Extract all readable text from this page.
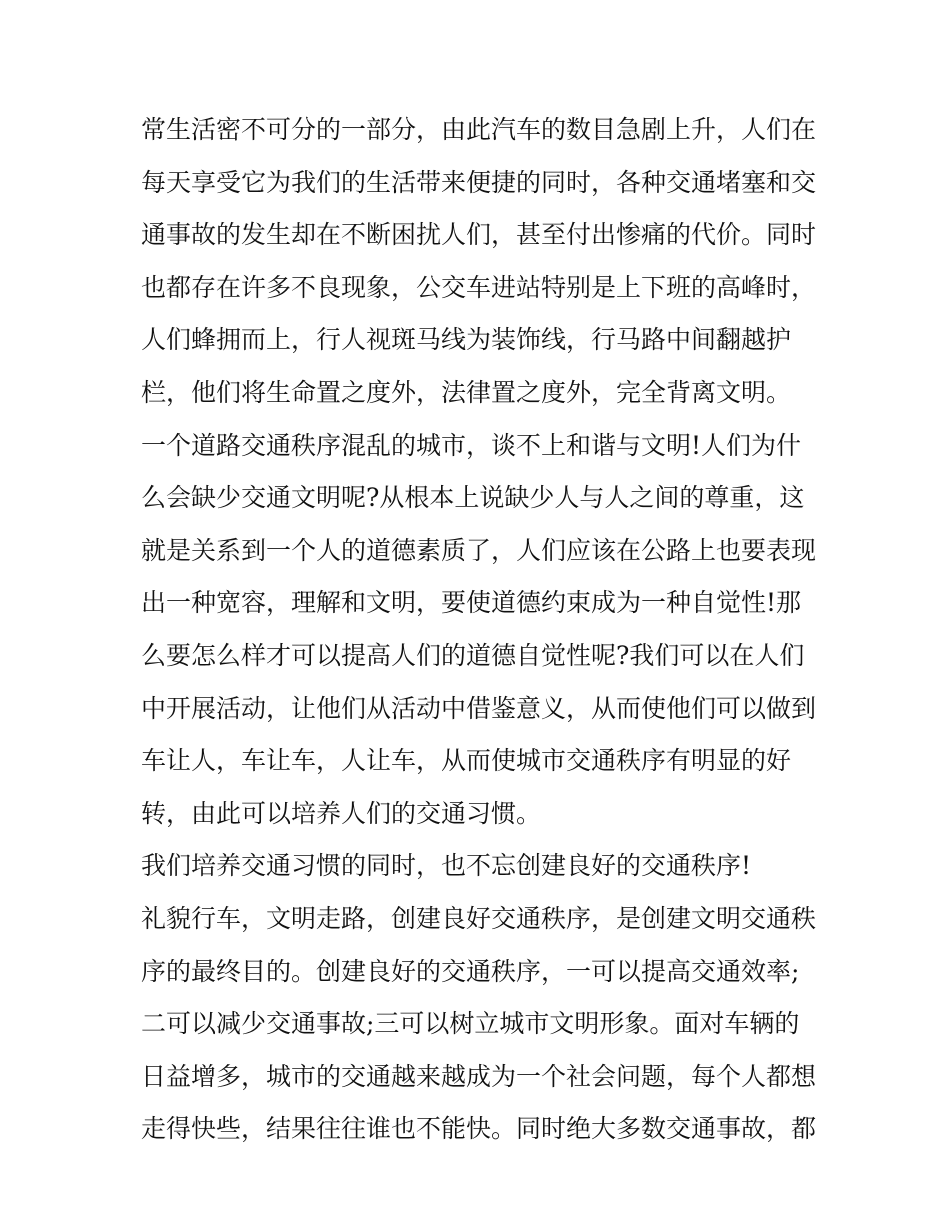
常生活密不可分的一部分，由此汽车的数目急剧上升，人们在
每天享受它为我们的生活带来便捷的同时，各种交通堵塞和交
通事故的发生却在不断困扰人们，甚至付出惨痛的代价。同时
也都存在许多不良现象，公交车进站特别是上下班的高峰时，
人们蜂拥而上，行人视斑马线为装饰线，行马路中间翻越护
栏，他们将生命置之度外，法律置之度外，完全背离文明。
一个道路交通秩序混乱的城市，谈不上和谐与文明!人们为什
么会缺少交通文明呢?从根本上说缺少人与人之间的尊重，这
就是关系到一个人的道德素质了，人们应该在公路上也要表现
出一种宽容，理解和文明，要使道德约束成为一种自觉性!那
么要怎么样才可以提高人们的道德自觉性呢?我们可以在人们
中开展活动，让他们从活动中借鉴意义，从而使他们可以做到
车让人，车让车，人让车，从而使城市交通秩序有明显的好
转，由此可以培养人们的交通习惯。
我们培养交通习惯的同时，也不忘创建良好的交通秩序!
礼貌行车，文明走路，创建良好交通秩序，是创建文明交通秩
序的最终目的。创建良好的交通秩序，一可以提高交通效率;
二可以减少交通事故;三可以树立城市文明形象。面对车辆的
日益增多，城市的交通越来越成为一个社会问题，每个人都想
走得快些，结果往往谁也不能快。同时绝大多数交通事故，都
